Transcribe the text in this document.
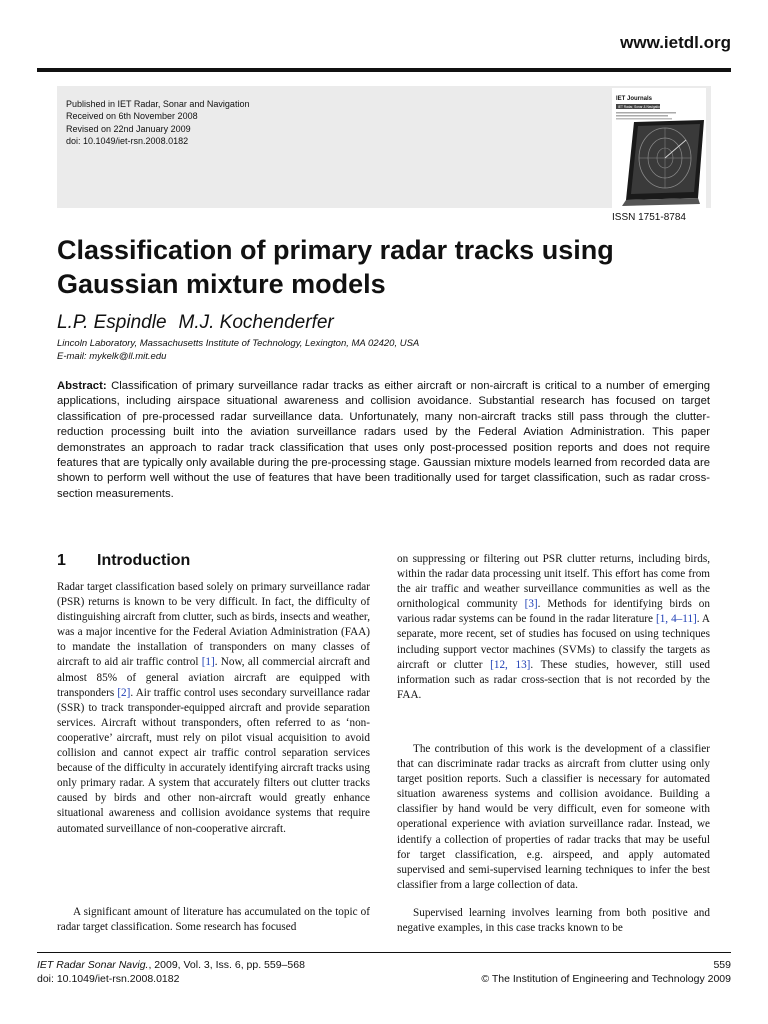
www.ietdl.org
Published in IET Radar, Sonar and Navigation
Received on 6th November 2008
Revised on 22nd January 2009
doi: 10.1049/iet-rsn.2008.0182
IET Journals
IET Radar, Sonar & Navigation
ISSN 1751-8784
Classification of primary radar tracks using Gaussian mixture models
L.P. Espindle M.J. Kochenderfer
Lincoln Laboratory, Massachusetts Institute of Technology, Lexington, MA 02420, USA
E-mail: mykelk@ll.mit.edu

Abstract: Classification of primary surveillance radar tracks as either aircraft or non-aircraft is critical to a number of emerging applications, including airspace situational awareness and collision avoidance. Substantial research has focused on target classification of pre-processed radar surveillance data. Unfortunately, many non-aircraft tracks still pass through the clutter-reduction processing built into the aviation surveillance radars used by the Federal Aviation Administration. This paper demonstrates an approach to radar track classification that uses only post-processed position reports and does not require features that are typically only available during the pre-processing stage. Gaussian mixture models learned from recorded data are shown to perform well without the use of features that have been traditionally used for target classification, such as radar cross-section measurements.

1 Introduction

Radar target classification based solely on primary surveillance radar (PSR) returns is known to be very difficult. In fact, the difficulty of distinguishing aircraft from clutter, such as birds, insects and weather, was a major incentive for the Federal Aviation Administration (FAA) to mandate the installation of transponders on many classes of aircraft to aid air traffic control [1]. Now, all commercial aircraft and almost 85% of general aviation aircraft are equipped with transponders [2]. Air traffic control uses secondary surveillance radar (SSR) to track transponder-equipped aircraft and provide separation services. Aircraft without transponders, often referred to as ‘non-cooperative’ aircraft, must rely on pilot visual acquisition to avoid collision and cannot expect air traffic control separation services because of the difficulty in accurately identifying aircraft tracks using only primary radar. A system that accurately filters out clutter tracks caused by birds and other non-aircraft would greatly enhance situational awareness and collision avoidance systems that require automated surveillance of non-cooperative aircraft.

A significant amount of literature has accumulated on the topic of radar target classification. Some research has focused

on suppressing or filtering out PSR clutter returns, including birds, within the radar data processing unit itself. This effort has come from the air traffic and weather surveillance communities as well as the ornithological community [3]. Methods for identifying birds on various radar systems can be found in the radar literature [1, 4–11]. A separate, more recent, set of studies has focused on using techniques including support vector machines (SVMs) to classify the targets as aircraft or clutter [12, 13]. These studies, however, still used information such as radar cross-section that is not recorded by the FAA.

The contribution of this work is the development of a classifier that can discriminate radar tracks as aircraft from clutter using only target position reports. Such a classifier is necessary for automated situation awareness systems and collision avoidance. Building a classifier by hand would be very difficult, even for someone with operational experience with aviation surveillance radar. Instead, we identify a collection of properties of radar tracks that may be useful for target classification, e.g. airspeed, and apply automated supervised and semi-supervised learning techniques to infer the best classifier from a large collection of data.

Supervised learning involves learning from both positive and negative examples, in this case tracks known to be

IET Radar Sonar Navig., 2009, Vol. 3, Iss. 6, pp. 559–568
doi: 10.1049/iet-rsn.2008.0182
559
© The Institution of Engineering and Technology 2009
